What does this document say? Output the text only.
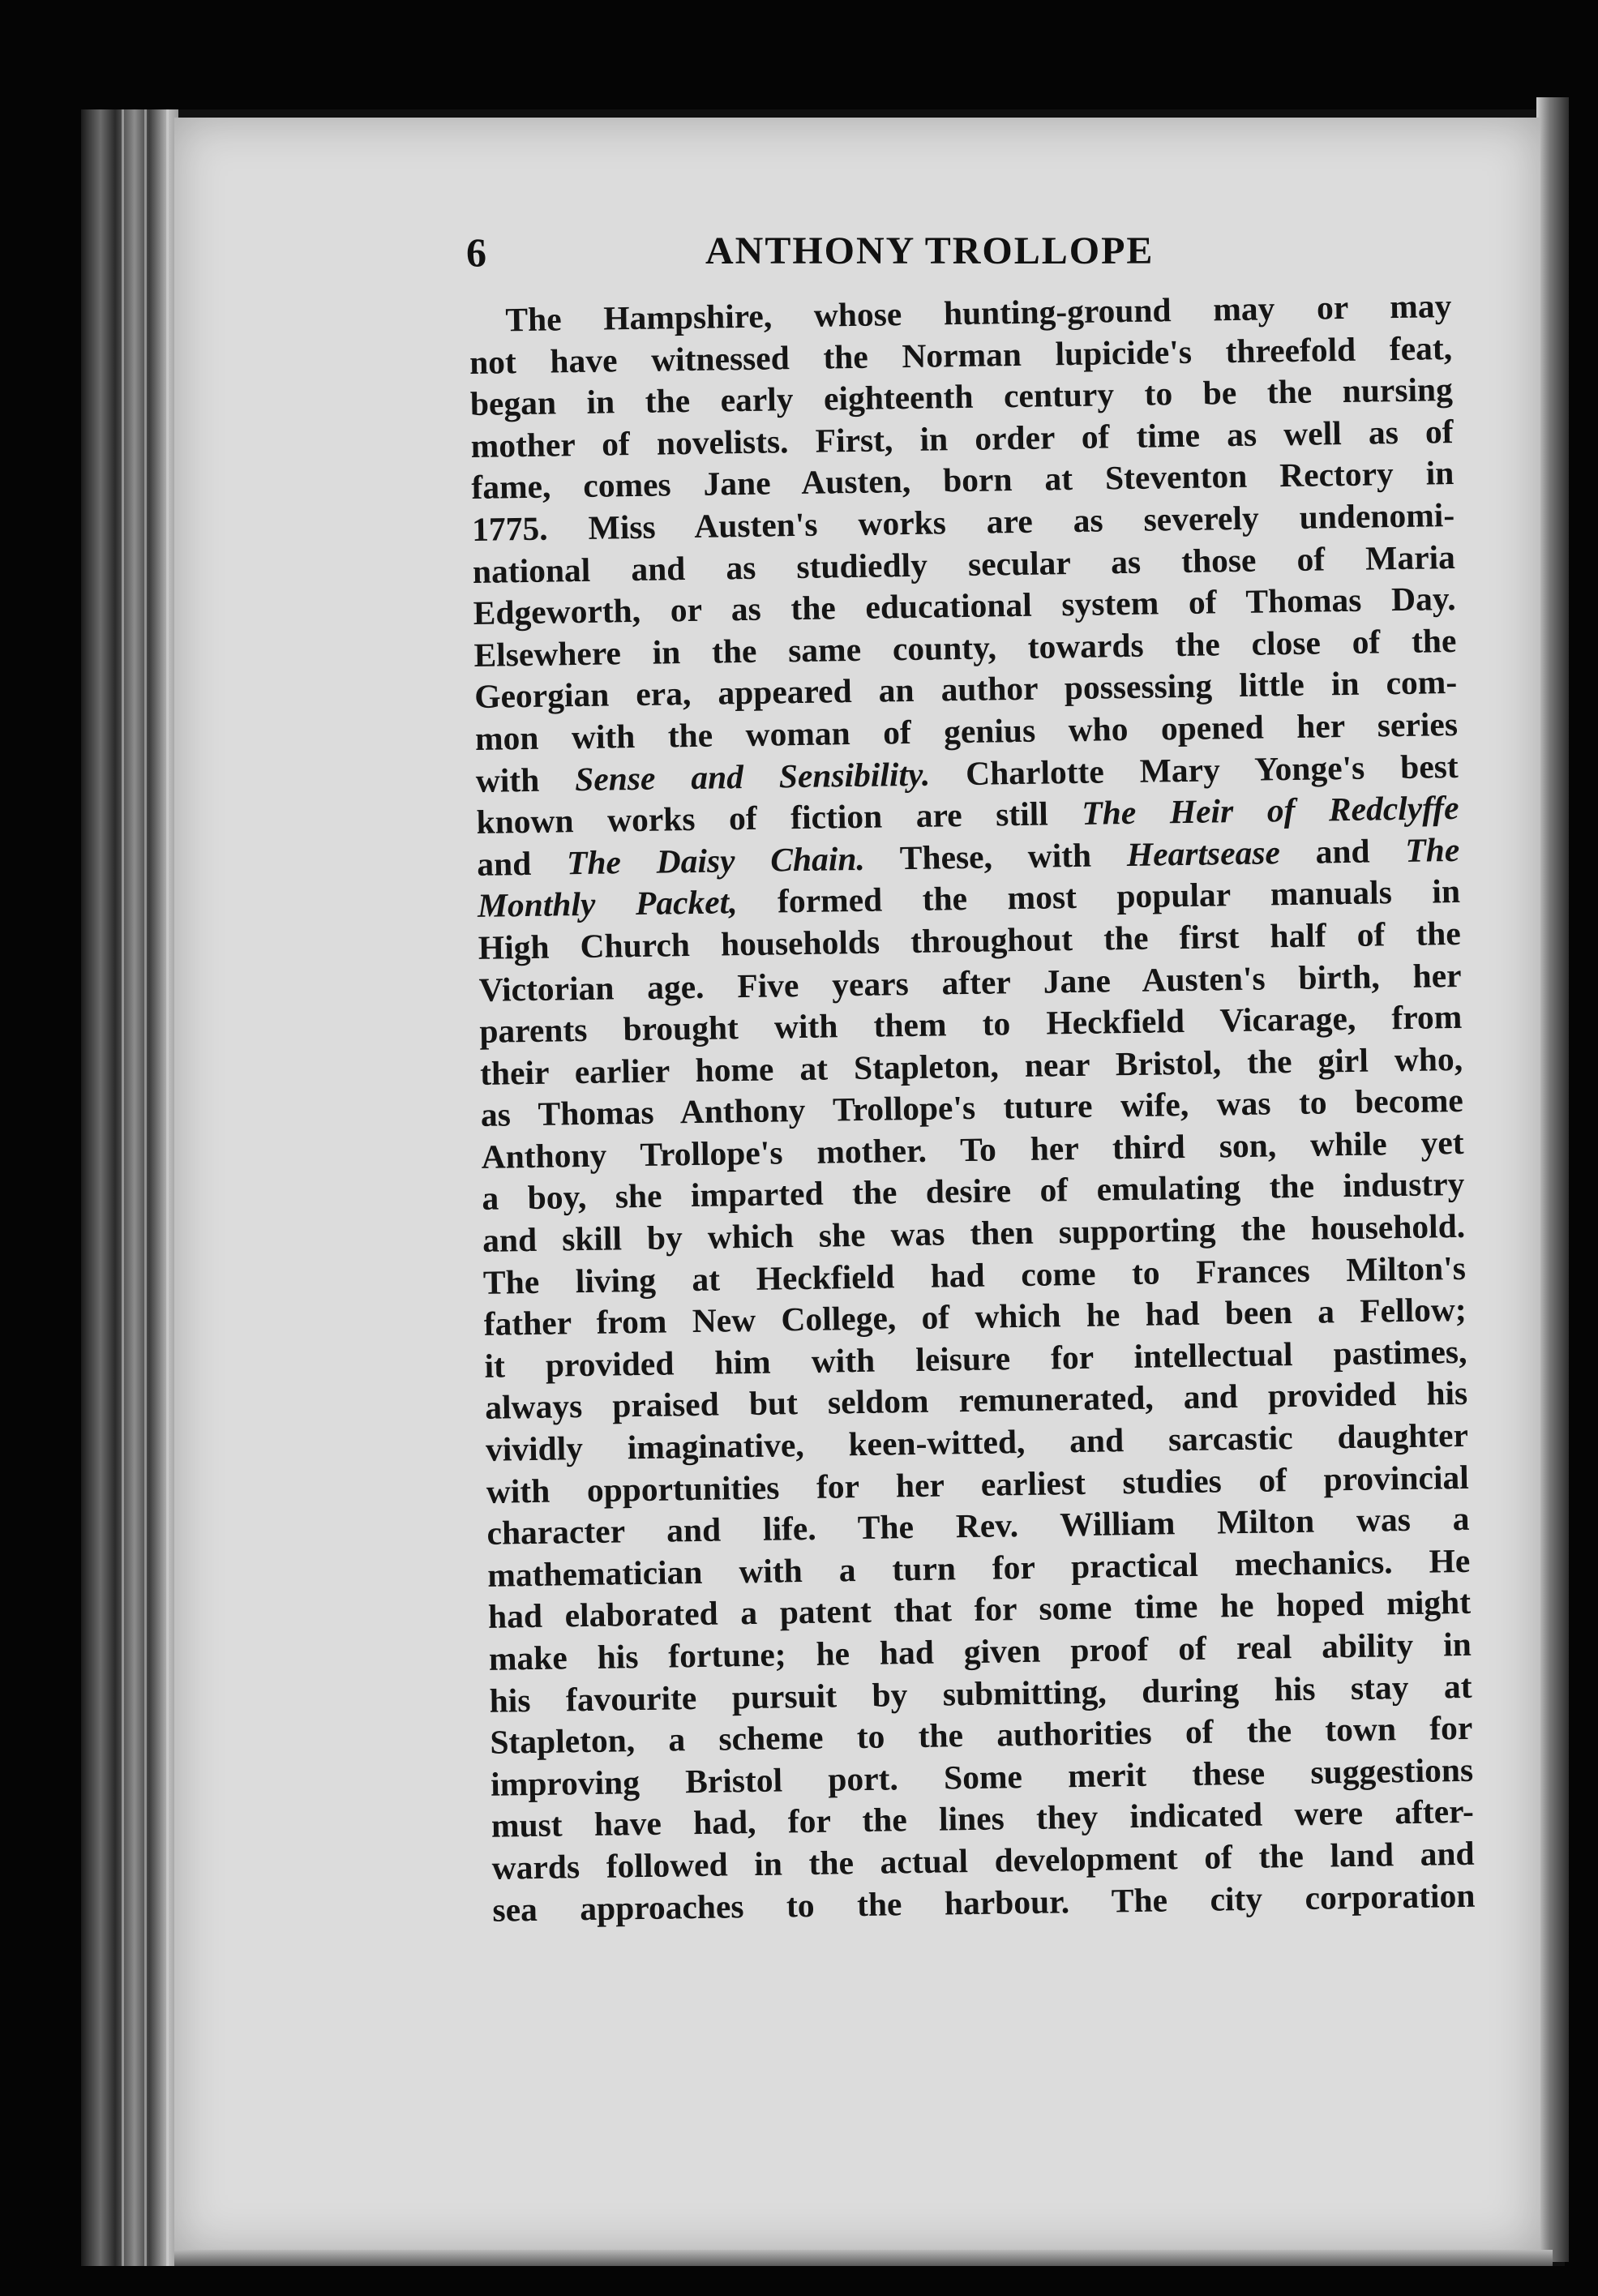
6	ANTHONY TROLLOPE
The Hampshire, whose hunting-ground may or may
not have witnessed the Norman lupicide's threefold feat,
began in the early eighteenth century to be the nursing
mother of novelists. First, in order of time as well as of
fame, comes Jane Austen, born at Steventon Rectory in
1775. Miss Austen's works are as severely undenomi-
national and as studiedly secular as those of Maria
Edgeworth, or as the educational system of Thomas Day.
Elsewhere in the same county, towards the close of the
Georgian era, appeared an author possessing little in com-
mon with the woman of genius who opened her series
with Sense and Sensibility. Charlotte Mary Yonge's best
known works of fiction are still The Heir of Redclyffe
and The Daisy Chain. These, with Heartsease and The
Monthly Packet, formed the most popular manuals in
High Church households throughout the first half of the
Victorian age. Five years after Jane Austen's birth, her
parents brought with them to Heckfield Vicarage, from
their earlier home at Stapleton, near Bristol, the girl who,
as Thomas Anthony Trollope's tuture wife, was to become
Anthony Trollope's mother. To her third son, while yet
a boy, she imparted the desire of emulating the industry
and skill by which she was then supporting the household.
The living at Heckfield had come to Frances Milton's
father from New College, of which he had been a Fellow;
it provided him with leisure for intellectual pastimes,
always praised but seldom remunerated, and provided his
vividly imaginative, keen-witted, and sarcastic daughter
with opportunities for her earliest studies of provincial
character and life. The Rev. William Milton was a
mathematician with a turn for practical mechanics. He
had elaborated a patent that for some time he hoped might
make his fortune; he had given proof of real ability in
his favourite pursuit by submitting, during his stay at
Stapleton, a scheme to the authorities of the town for
improving Bristol port. Some merit these suggestions
must have had, for the lines they indicated were after-
wards followed in the actual development of the land and
sea approaches to the harbour. The city corporation
